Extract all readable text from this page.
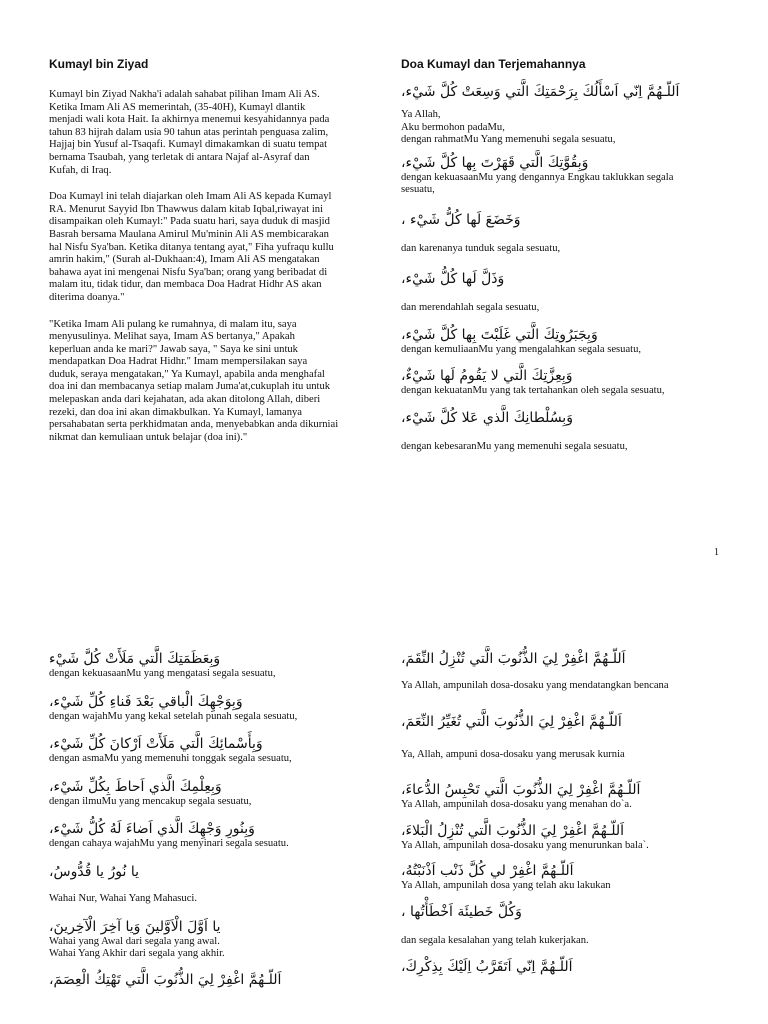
Kumayl bin Ziyad

Kumayl bin Ziyad Nakha'i adalah sahabat pilihan Imam Ali AS.
Ketika Imam Ali AS memerintah, (35-40H), Kumayl dlantik
menjadi wali kota Hait. Ia akhirnya menemui kesyahidannya pada
tahun 83 hijrah dalam usia 90 tahun atas perintah penguasa zalim,
Hajjaj bin Yusuf al-Tsaqafi. Kumayl dimakamkan di suatu tempat
bernama Tsaubah, yang terletak di antara Najaf al-Asyraf dan
Kufah, di Iraq.

Doa Kumayl ini telah diajarkan oleh Imam Ali AS kepada Kumayl
RA. Menurut Sayyid Ibn Thawwus dalam kitab Iqbal,riwayat ini
disampaikan oleh Kumayl:" Pada suatu hari, saya duduk di masjid
Basrah bersama Maulana Amirul Mu'minin Ali AS membicarakan
hal Nisfu Sya'ban. Ketika ditanya tentang ayat," Fiha yufraqu kullu
amrin hakim," (Surah al-Dukhaan:4), Imam Ali AS mengatakan
bahawa ayat ini mengenai Nisfu Sya'ban; orang yang beribadat di
malam itu, tidak tidur, dan membaca Doa Hadrat Hidhr AS akan
diterima doanya."

"Ketika Imam Ali pulang ke rumahnya, di malam itu, saya
menyusulinya. Melihat saya, Imam AS bertanya," Apakah
keperluan anda ke mari?" Jawab saya, " Saya ke sini untuk
mendapatkan Doa Hadrat Hidhr." Imam mempersilakan saya
duduk, seraya mengatakan," Ya Kumayl, apabila anda menghafal
doa ini dan membacanya setiap malam Juma'at,cukuplah itu untuk
melepaskan anda dari kejahatan, ada akan ditolong Allah, diberi
rezeki, dan doa ini akan dimakbulkan. Ya Kumayl, lamanya
persahabatan serta perkhidmatan anda, menyebabkan anda dikurniai
nikmat dan kemuliaan untuk belajar (doa ini)."

Doa Kumayl dan Terjemahannya

اَللّـهُمَّ اِنّي اَسْأَلُكَ بِرَحْمَتِكَ الَّتي وَسِعَتْ كُلَّ شَيْء،

Ya Allah,
Aku bermohon padaMu,
dengan rahmatMu Yang memenuhi segala sesuatu,

وَبِقُوَّتِكَ الَّتي قَهَرْتَ بِها كُلَّ شَيْء،

dengan kekuasaanMu yang dengannya Engkau taklukkan segala
sesuatu,

وَخَضَعَ لَها كُلُّ شَيْء ،

dan karenanya tunduk segala sesuatu,

وَذَلَّ لَها كُلُّ شَيْء،

dan merendahlah segala sesuatu,

وَبِجَبَرُوتِكَ الَّتي غَلَبْتَ بِها كُلَّ شَيْء،

dengan kemuliaanMu yang mengalahkan segala sesuatu,

وَبِعِزَّتِكَ الَّتي لا يَقُومُ لَها شَيْءٌ،

dengan kekuatanMu yang tak tertahankan oleh segala sesuatu,

وَبِسُلْطانِكَ الَّذي عَلا كُلَّ شَيْء،

dengan kebesaranMu yang memenuhi segala sesuatu,

1

وَبِعَظَمَتِكَ الَّتي مَلَأَتْ كُلَّ شَيْء

dengan kekuasaanMu yang mengatasi segala sesuatu,

وَبِوَجْهِكَ الْباقي بَعْدَ فَناءِ كُلِّ شَيْء،

dengan wajahMu yang kekal setelah punah segala sesuatu,

وَبِأَسْمائِكَ الَّتي مَلَأَتْ اَرْكانَ كُلِّ شَيْء،

dengan asmaMu yang memenuhi tonggak segala sesuatu,

وَبِعِلْمِكَ الَّذي اَحاطَ بِكُلِّ شَيْء،

dengan ilmuMu yang mencakup segala sesuatu,

وَبِنُورِ وَجْهِكَ الَّذي اَضاءَ لَهُ كُلُّ شَيْء،

dengan cahaya wajahMu yang menyinari segala sesuatu.

يا نُورُ يا قُدُّوسُ،

Wahai Nur, Wahai Yang Mahasuci.

يا اَوَّلَ الْاَوَّلينَ وَيا آخِرَ الْآخِرينَ،

Wahai yang Awal dari segala yang awal.
Wahai Yang Akhir dari segala yang akhir.

اَللّـهُمَّ اغْفِرْ لِيَ الذُّنُوبَ الَّتي تَهْتِكُ الْعِصَمَ،

اَللّـهُمَّ اغْفِرْ لِيَ الذُّنُوبَ الَّتي تُنْزِلُ النِّقَمَ،

Ya Allah, ampunilah dosa-dosaku yang mendatangkan bencana

اَللّـهُمَّ اغْفِرْ لِيَ الذُّنُوبَ الَّتي تُغَيِّرُ النِّعَمَ،

Ya, Allah, ampuni dosa-dosaku yang merusak kurnia

اَللّـهُمَّ اغْفِرْ لِيَ الذُّنُوبَ الَّتي تَحْبِسُ الدُّعاءَ،

Ya Allah, ampunilah dosa-dosaku yang menahan do`a.

اَللّـهُمَّ اغْفِرْ لِيَ الذُّنُوبَ الَّتي تُنْزِلُ الْبَلاءَ،

Ya Allah, ampunilah dosa-dosaku yang menurunkan bala`.

اَللّـهُمَّ اغْفِرْ لي كُلَّ ذَنْب اَذْنَبْتُهُ،

Ya Allah, ampunilah dosa yang telah aku lakukan

وَكُلَّ خَطيئَة اَخْطَأْتُها ،

dan segala kesalahan yang telah kukerjakan.

اَللّـهُمَّ اِنّي اَتَقَرَّبُ اِلَيْكَ بِذِكْرِكَ،
